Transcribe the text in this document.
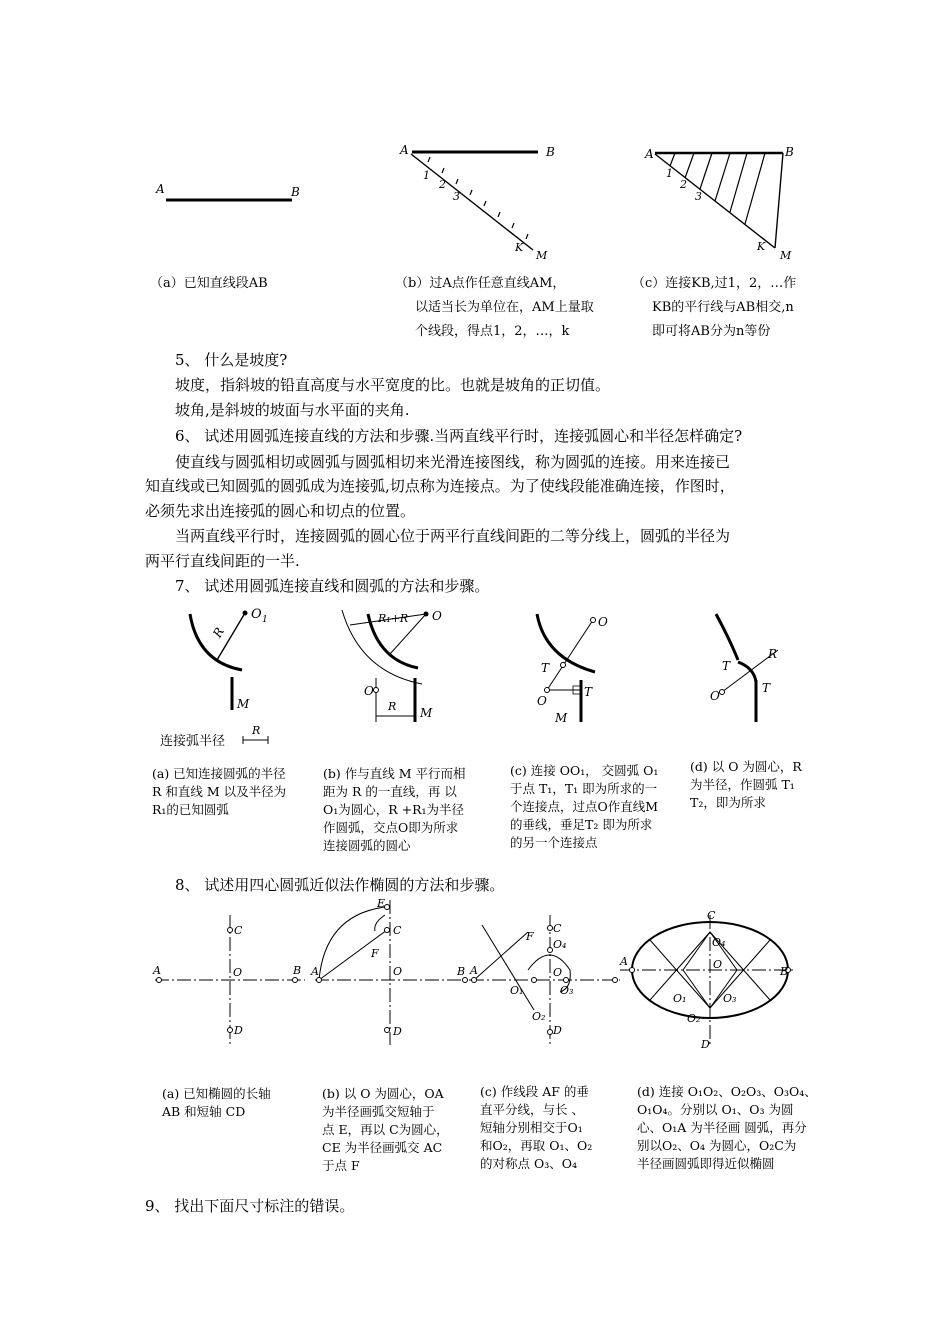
A	B
A	B
1
2
3
K
M
A	B
1
2
3
K
M
（a）已知直线段AB	（b）过A点作任意直线AM，
以适当长为单位在，AM上量取
个线段，得点1，2，…，k
（c）连接KB,过1，2，…作
KB的平行线与AB相交,n
即可将AB分为n等份
5、 什么是坡度?
坡度，指斜坡的铅直高度与水平宽度的比。也就是坡角的正切值。
坡角,是斜坡的坡面与水平面的夹角.
6、 试述用圆弧连接直线的方法和步骤.当两直线平行时，连接弧圆心和半径怎样确定?
使直线与圆弧相切或圆弧与圆弧相切来光滑连接图线，称为圆弧的连接。用来连接已
知直线或已知圆弧的圆弧成为连接弧,切点称为连接点。为了使线段能准确连接，作图时，
必须先求出连接弧的圆心和切点的位置。
当两直线平行时，连接圆弧的圆心位于两平行直线间距的二等分线上，圆弧的半径为
两平行直线间距的一半.
7、 试述用圆弧连接直线和圆弧的方法和步骤。
O 1
R
M
R
连接弧半径
O
R₁+R
O
R M
O
T
T
O
M
T
T
R
O
(a) 已知连接圆弧的半径
R 和直线 M 以及半径为
R₁的已知圆弧
(b) 作与直线 M 平行而相
距为 R 的一直线，再 以
O₁为圆心，R +R₁为半径
作圆弧，交点O即为所求
连接圆弧的圆心
(c) 连接 OO₁， 交圆弧 O₁
于点 T₁，T₁ 即为所求的一
个连接点，过点O作直线M
的垂线，垂足T₂ 即为所求
的另一个连接点
(d) 以 O 为圆心，R
为半径，作圆弧 T₁
T₂，即为所求
8、 试述用四心圆弧近似法作椭圆的方法和步骤。
A	B
C
D
O	A	B
E
C
F
O
D
A
C
F
O₄
O
O₁	O₃
O₂
D
A
B
C
O₄
O
O₁	O₃
O₂
D
(a) 已知椭圆的长轴
AB 和短轴 CD
(b) 以 O 为圆心，OA
为半径画弧交短轴于
点 E，再以 C为圆心，
CE 为半径画弧交 AC
于点 F
(c) 作线段 AF 的垂
直平分线，与长 、
短轴分别相交于O₁
和O₂，再取 O₁、O₂
的对称点 O₃、O₄
(d) 连接 O₁O₂、O₂O₃、O₃O₄、
O₁O₄。分别以 O₁、O₃ 为圆
心、O₁A 为半径画 圆弧，再分
别以O₂、O₄ 为圆心，O₂C为
半径画圆弧即得近似椭圆
9、 找出下面尺寸标注的错误。
